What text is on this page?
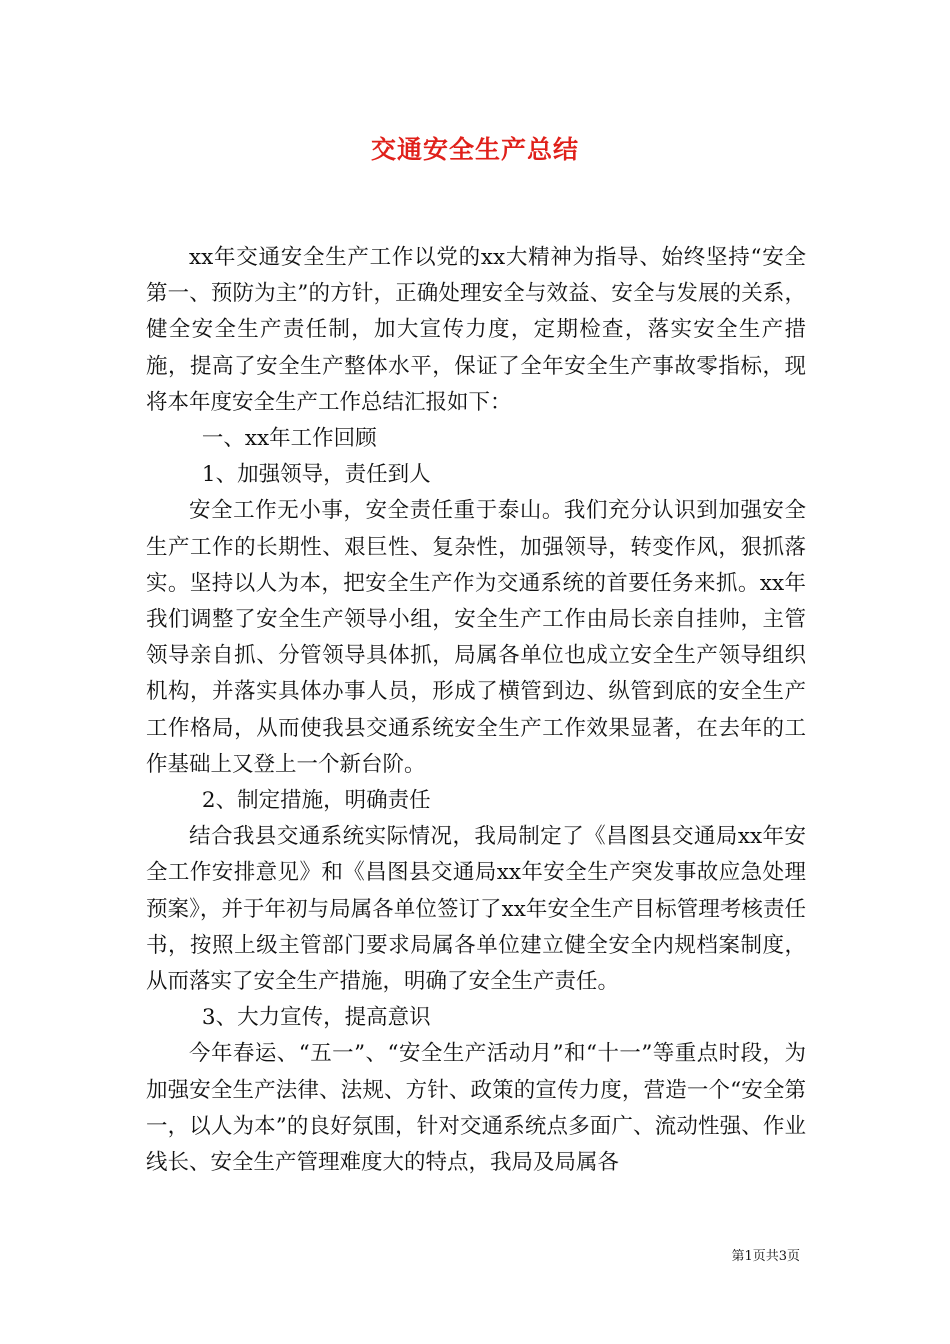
交通安全生产总结

xx年交通安全生产工作以党的xx大精神为指导、始终坚持“安全第一、预防为主”的方针，正确处理安全与效益、安全与发展的关系，健全安全生产责任制，加大宣传力度，定期检查，落实安全生产措施，提高了安全生产整体水平，保证了全年安全生产事故零指标，现将本年度安全生产工作总结汇报如下：

一、xx年工作回顾

1、加强领导，责任到人

安全工作无小事，安全责任重于泰山。我们充分认识到加强安全生产工作的长期性、艰巨性、复杂性，加强领导，转变作风，狠抓落实。坚持以人为本，把安全生产作为交通系统的首要任务来抓。xx年我们调整了安全生产领导小组，安全生产工作由局长亲自挂帅，主管领导亲自抓、分管领导具体抓，局属各单位也成立安全生产领导组织机构，并落实具体办事人员，形成了横管到边、纵管到底的安全生产工作格局，从而使我县交通系统安全生产工作效果显著，在去年的工作基础上又登上一个新台阶。

2、制定措施，明确责任

结合我县交通系统实际情况，我局制定了《昌图县交通局xx年安全工作安排意见》和《昌图县交通局xx年安全生产突发事故应急处理预案》，并于年初与局属各单位签订了xx年安全生产目标管理考核责任书，按照上级主管部门要求局属各单位建立健全安全内规档案制度，从而落实了安全生产措施，明确了安全生产责任。

3、大力宣传，提高意识

今年春运、“五一”、“安全生产活动月”和“十一”等重点时段，为加强安全生产法律、法规、方针、政策的宣传力度，营造一个“安全第一，以人为本”的良好氛围，针对交通系统点多面广、流动性强、作业线长、安全生产管理难度大的特点，我局及局属各

第1页共3页
